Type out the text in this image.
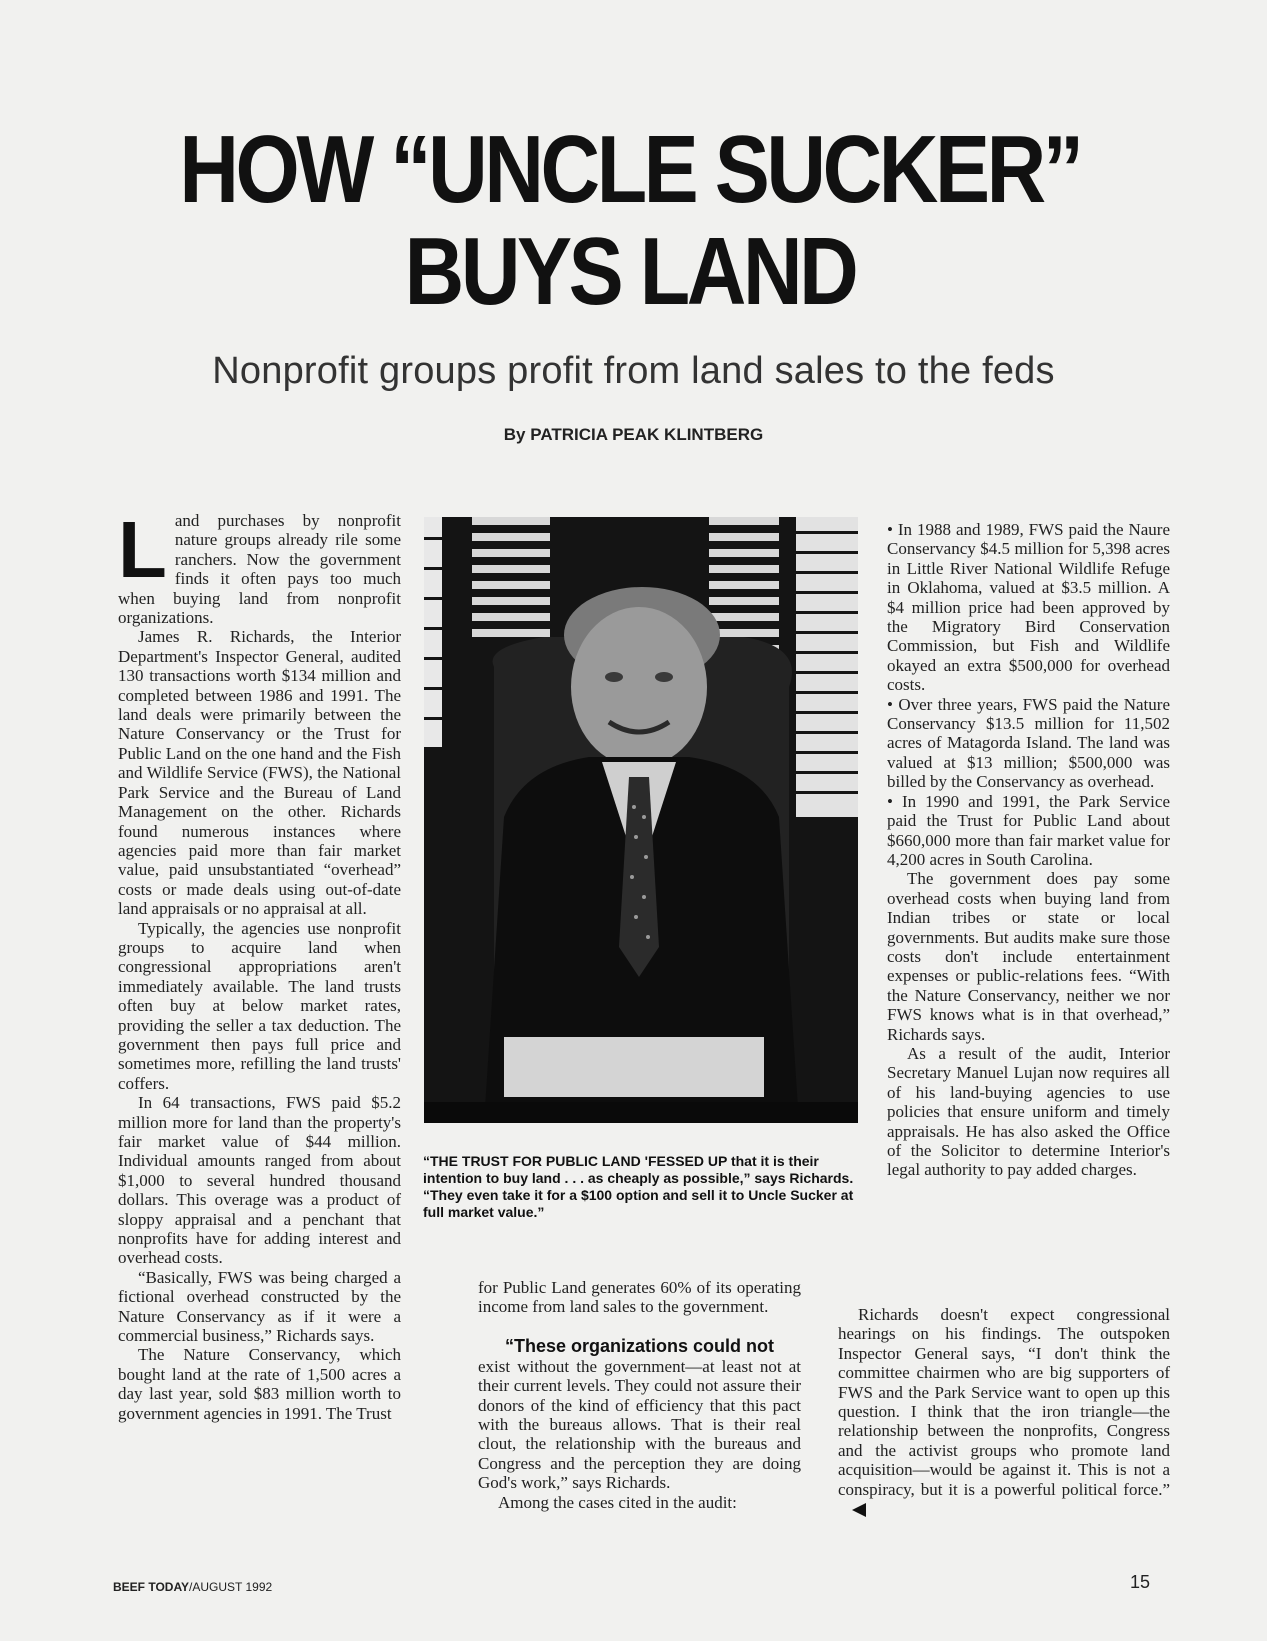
HOW “UNCLE SUCKER”
BUYS LAND
Nonprofit groups profit from land sales to the feds
By PATRICIA PEAK KLINTBERG

Land purchases by nonprofit nature groups already rile some ranchers. Now the government finds it often pays too much when buying land from nonprofit organizations.

James R. Richards, the Interior Department's Inspector General, audited 130 transactions worth $134 million and completed between 1986 and 1991. The land deals were primarily between the Nature Conservancy or the Trust for Public Land on the one hand and the Fish and Wildlife Service (FWS), the National Park Service and the Bureau of Land Management on the other. Richards found numerous instances where agencies paid more than fair market value, paid unsubstantiated “overhead” costs or made deals using out-of-date land appraisals or no appraisal at all.

Typically, the agencies use nonprofit groups to acquire land when congressional appropriations aren't immediately available. The land trusts often buy at below market rates, providing the seller a tax deduction. The government then pays full price and sometimes more, refilling the land trusts' coffers.

In 64 transactions, FWS paid $5.2 million more for land than the property's fair market value of $44 million. Individual amounts ranged from about $1,000 to several hundred thousand dollars. This overage was a product of sloppy appraisal and a penchant that nonprofits have for adding interest and overhead costs.

“Basically, FWS was being charged a fictional overhead constructed by the Nature Conservancy as if it were a commercial business,” Richards says.

The Nature Conservancy, which bought land at the rate of 1,500 acres a day last year, sold $83 million worth to government agencies in 1991. The Trust

“THE TRUST FOR PUBLIC LAND 'FESSED UP that it is their intention to buy land . . . as cheaply as possible,” says Richards. “They even take it for a $100 option and sell it to Uncle Sucker at full market value.”

for Public Land generates 60% of its operating income from land sales to the government.

“These organizations could not

exist without the government—at least not at their current levels. They could not assure their donors of the kind of efficiency that this pact with the bureaus allows. That is their real clout, the relationship with the bureaus and Congress and the perception they are doing God's work,” says Richards.

Among the cases cited in the audit:

• In 1988 and 1989, FWS paid the Naure Conservancy $4.5 million for 5,398 acres in Little River National Wildlife Refuge in Oklahoma, valued at $3.5 million. A $4 million price had been approved by the Migratory Bird Conservation Commission, but Fish and Wildlife okayed an extra $500,000 for overhead costs.

• Over three years, FWS paid the Nature Conservancy $13.5 million for 11,502 acres of Matagorda Island. The land was valued at $13 million; $500,000 was billed by the Conservancy as overhead.

• In 1990 and 1991, the Park Service paid the Trust for Public Land about $660,000 more than fair market value for 4,200 acres in South Carolina.

The government does pay some overhead costs when buying land from Indian tribes or state or local governments. But audits make sure those costs don't include entertainment expenses or public-relations fees. “With the Nature Conservancy, neither we nor FWS knows what is in that overhead,” Richards says.

As a result of the audit, Interior Secretary Manuel Lujan now requires all of his land-buying agencies to use policies that ensure uniform and timely appraisals. He has also asked the Office of the Solicitor to determine Interior's legal authority to pay added charges.

Richards doesn't expect congressional hearings on his findings. The outspoken Inspector General says, “I don't think the committee chairmen who are big supporters of FWS and the Park Service want to open up this question. I think that the iron triangle—the relationship between the nonprofits, Congress and the activist groups who promote land acquisition—would be against it. This is not a conspiracy, but it is a powerful political force.”

BEEF TODAY/AUGUST 1992	15
